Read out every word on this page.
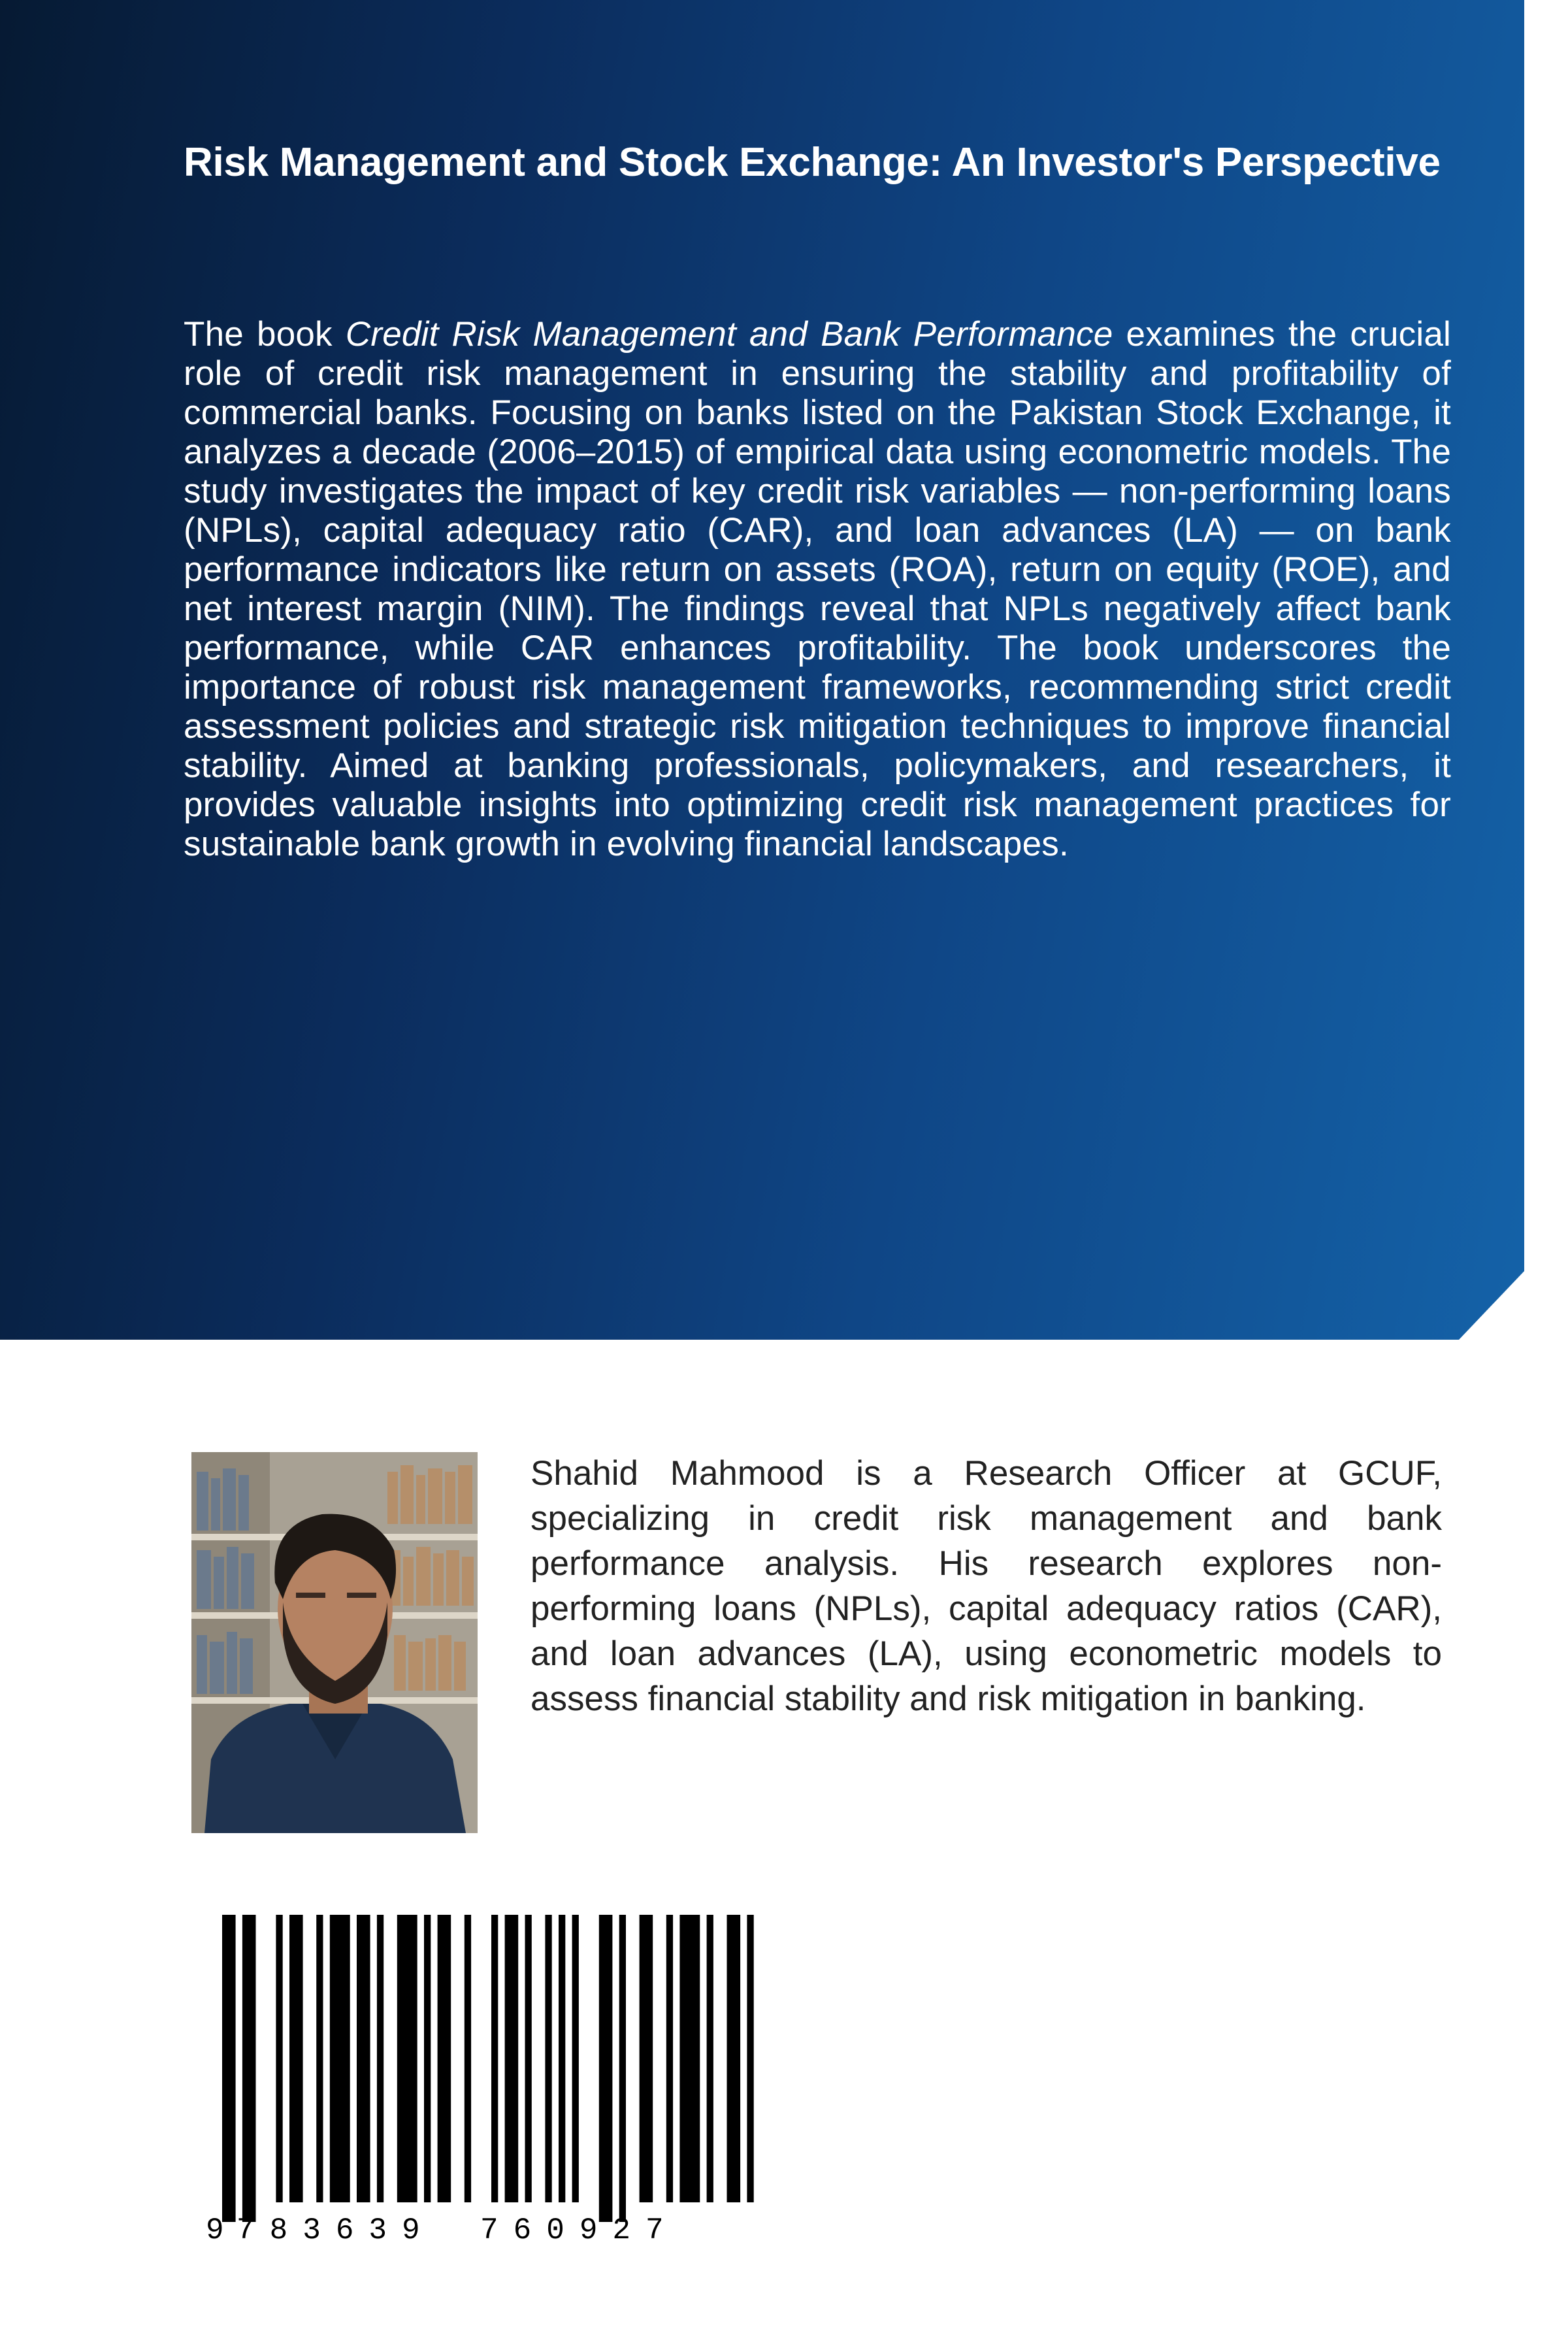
Risk Management and Stock Exchange: An Investor's Perspective

The book Credit Risk Management and Bank Performance examines the crucial role of credit risk management in ensuring the stability and profitability of commercial banks. Focusing on banks listed on the Pakistan Stock Exchange, it analyzes a decade (2006–2015) of empirical data using econometric models. The study investigates the impact of key credit risk variables — non-performing loans (NPLs), capital adequacy ratio (CAR), and loan advances (LA) — on bank performance indicators like return on assets (ROA), return on equity (ROE), and net interest margin (NIM). The findings reveal that NPLs negatively affect bank performance, while CAR enhances profitability. The book underscores the importance of robust risk management frameworks, recommending strict credit assessment policies and strategic risk mitigation techniques to improve financial stability. Aimed at banking professionals, policymakers, and researchers, it provides valuable insights into optimizing credit risk management practices for sustainable bank growth in evolving financial landscapes.

Shahid Mahmood is a Research Officer at GCUF, specializing in credit risk management and bank performance analysis. His research explores non-performing loans (NPLs), capital adequacy ratios (CAR), and loan advances (LA), using econometric models to assess financial stability and risk mitigation in banking.

9 783639 760927
